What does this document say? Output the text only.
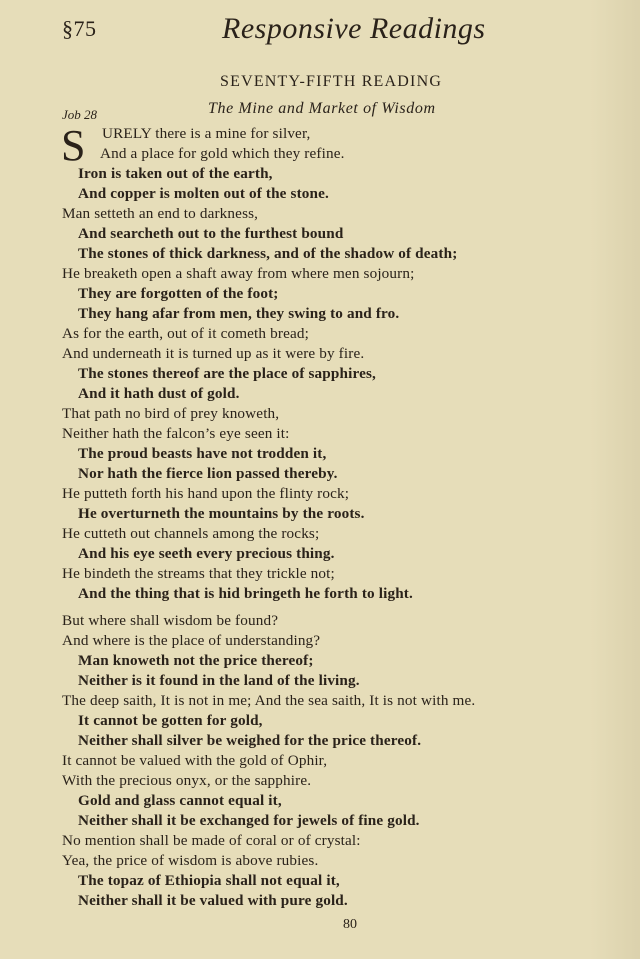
§75	Responsive Readings
SEVENTY-FIFTH READING
Job 28	The Mine and Market of Wisdom
S URELY there is a mine for silver,
And a place for gold which they refine.
Iron is taken out of the earth,
And copper is molten out of the stone.
Man setteth an end to darkness,
And searcheth out to the furthest bound
The stones of thick darkness, and of the shadow of death;
He breaketh open a shaft away from where men sojourn;
They are forgotten of the foot;
They hang afar from men, they swing to and fro.
As for the earth, out of it cometh bread;
And underneath it is turned up as it were by fire.
The stones thereof are the place of sapphires,
And it hath dust of gold.
That path no bird of prey knoweth,
Neither hath the falcon’s eye seen it:
The proud beasts have not trodden it,
Nor hath the fierce lion passed thereby.
He putteth forth his hand upon the flinty rock;
He overturneth the mountains by the roots.
He cutteth out channels among the rocks;
And his eye seeth every precious thing.
He bindeth the streams that they trickle not;
And the thing that is hid bringeth he forth to light.
But where shall wisdom be found?
And where is the place of understanding?
Man knoweth not the price thereof;
Neither is it found in the land of the living.
The deep saith, It is not in me; And the sea saith, It is not with me.
It cannot be gotten for gold,
Neither shall silver be weighed for the price thereof.
It cannot be valued with the gold of Ophir,
With the precious onyx, or the sapphire.
Gold and glass cannot equal it,
Neither shall it be exchanged for jewels of fine gold.
No mention shall be made of coral or of crystal:
Yea, the price of wisdom is above rubies.
The topaz of Ethiopia shall not equal it,
Neither shall it be valued with pure gold.
80
